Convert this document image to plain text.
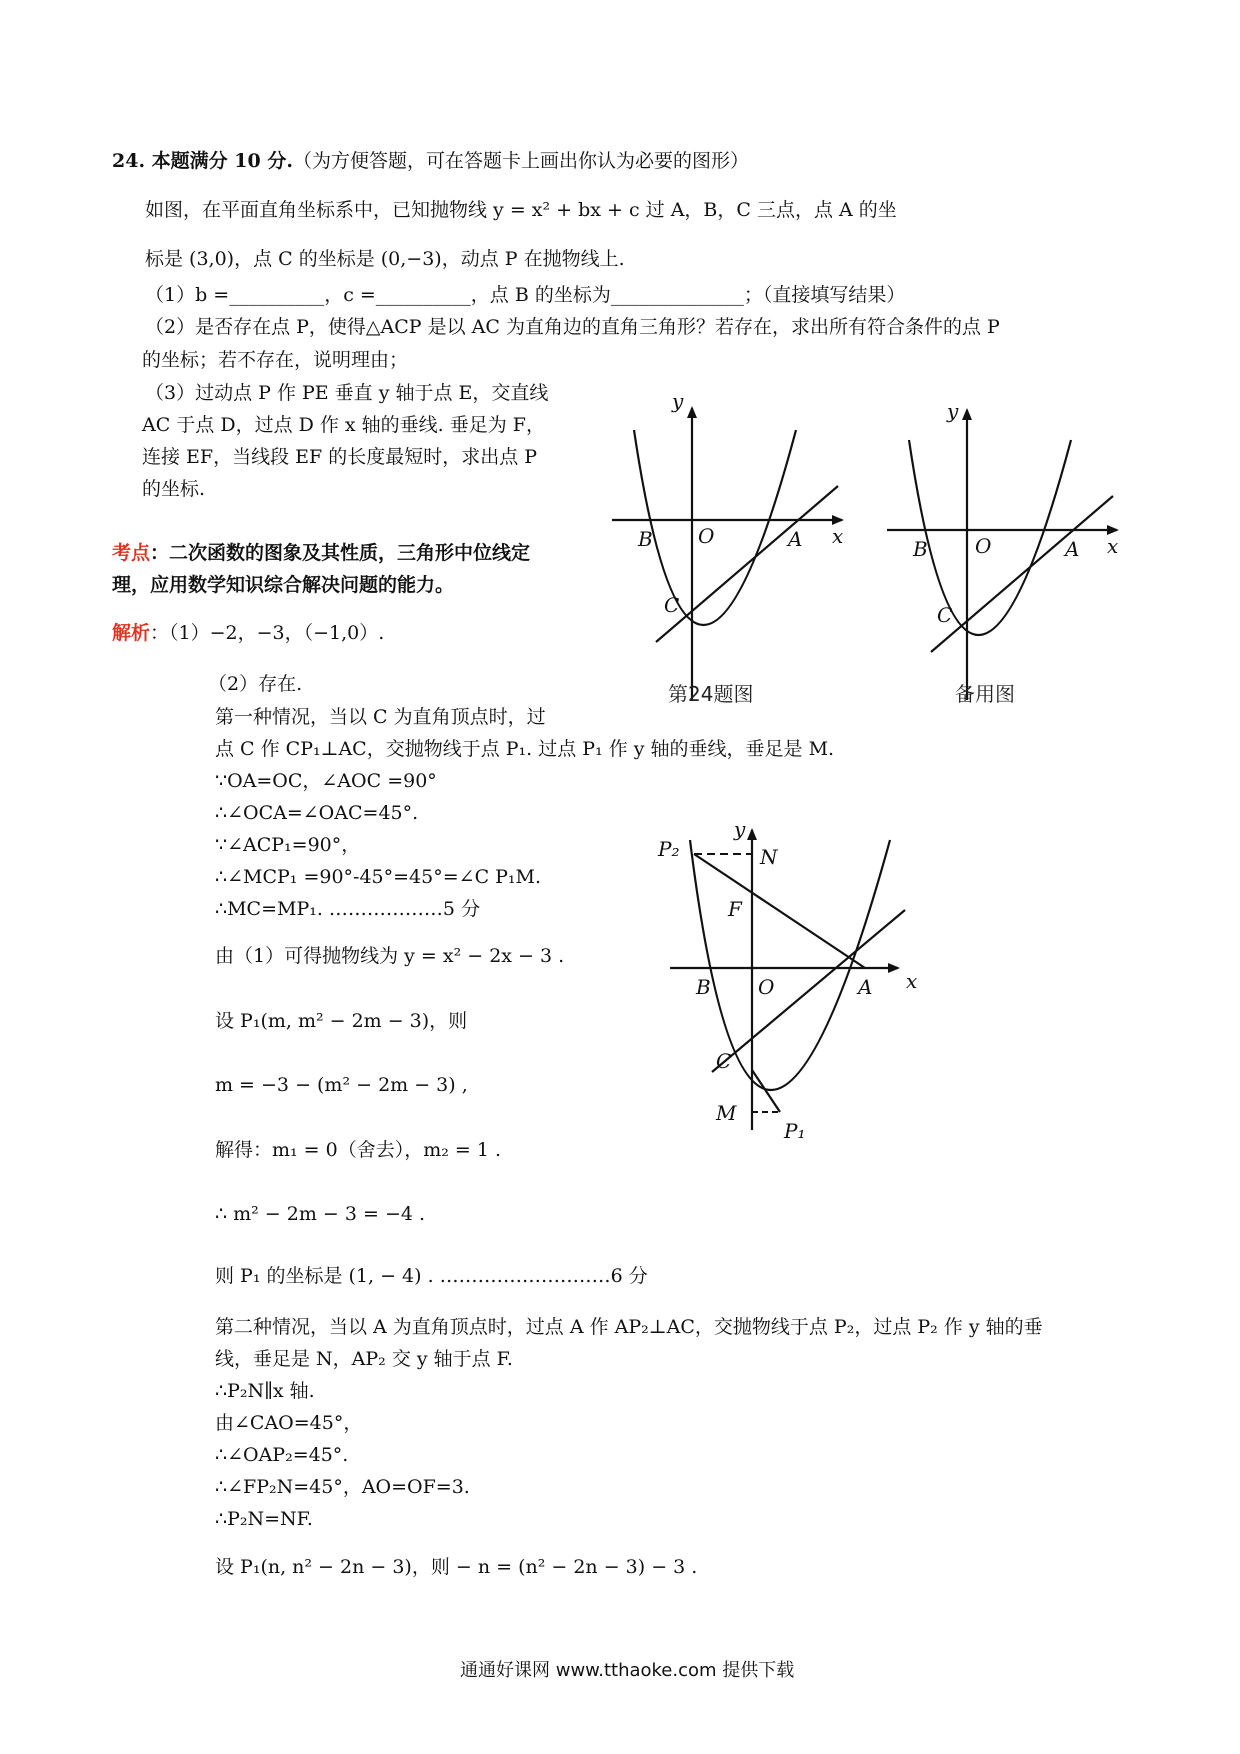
24. 本题满分 10 分.（为方便答题，可在答题卡上画出你认为必要的图形）
如图，在平面直角坐标系中，已知抛物线 y = x² + bx + c 过 A，B，C 三点，点 A 的坐
标是 (3,0)，点 C 的坐标是 (0,−3)，动点 P 在抛物线上.
（1）b =__________，c =__________，点 B 的坐标为______________；（直接填写结果）
（2）是否存在点 P，使得△ACP 是以 AC 为直角边的直角三角形？若存在，求出所有符合条件的点 P
的坐标；若不存在，说明理由；
（3）过动点 P 作 PE 垂直 y 轴于点 E，交直线
AC 于点 D，过点 D 作 x 轴的垂线. 垂足为 F，
连接 EF，当线段 EF 的长度最短时，求出点 P
的坐标.
考点：二次函数的图象及其性质，三角形中位线定
理，应用数学知识综合解决问题的能力。
解析：（1）−2，−3，（−1,0）.
（2）存在.
第一种情况，当以 C 为直角顶点时，过
点 C 作 CP₁⊥AC，交抛物线于点 P₁. 过点 P₁ 作 y 轴的垂线，垂足是 M.
∵OA=OC，∠AOC =90°
∴∠OCA=∠OAC=45°.
∵∠ACP₁=90°，
∴∠MCP₁ =90°-45°=45°=∠C P₁M.
∴MC=MP₁. ………………5 分
由（1）可得抛物线为 y = x² − 2x − 3 .
设 P₁(m, m² − 2m − 3)，则
m = −3 − (m² − 2m − 3) ,
解得：m₁ = 0（舍去），m₂ = 1 .
∴ m² − 2m − 3 = −4 .
则 P₁ 的坐标是 (1, − 4) . ………………………6 分
第二种情况，当以 A 为直角顶点时，过点 A 作 AP₂⊥AC，交抛物线于点 P₂，过点 P₂ 作 y 轴的垂
线，垂足是 N，AP₂ 交 y 轴于点 F.
∴P₂N∥x 轴.
由∠CAO=45°，
∴∠OAP₂=45°.
∴∠FP₂N=45°，AO=OF=3.
∴P₂N=NF.
设 P₁(n, n² − 2n − 3)，则 − n = (n² − 2n − 3) − 3 .
y
x
O
B	A
C
第24题图
y
x
O
B	A
C
备用图
y
x
P₂	N
F
B O	A
C
M
P₁
通通好课网 www.tthaoke.com 提供下载
